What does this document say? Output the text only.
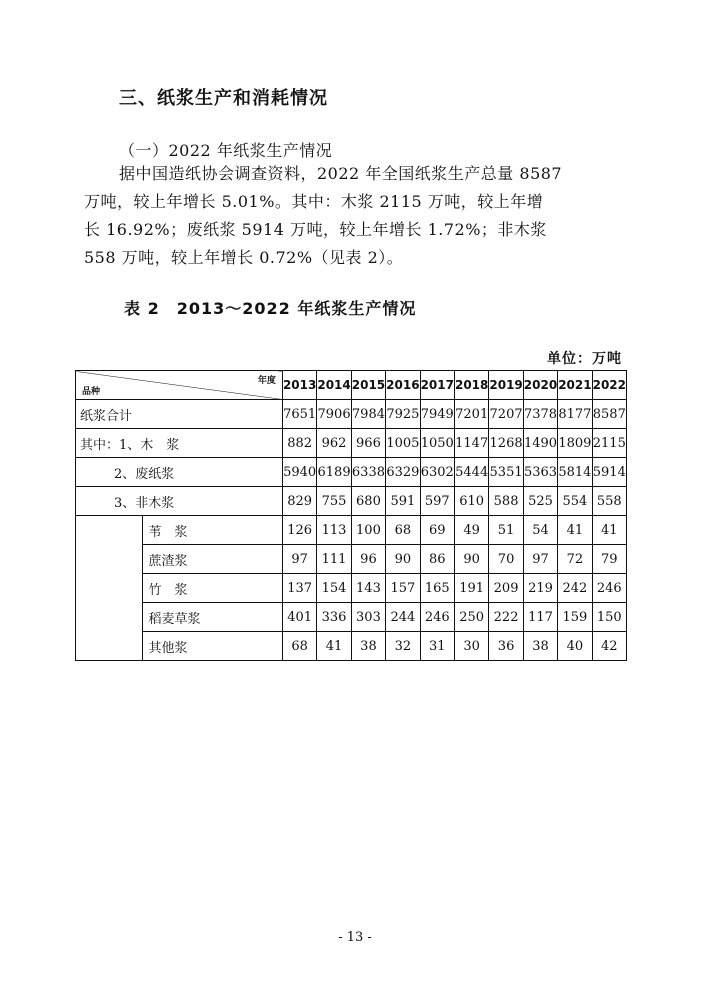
三、纸浆生产和消耗情况
（一）2022 年纸浆生产情况

据中国造纸协会调查资料，2022 年全国纸浆生产总量 8587
万吨，较上年增长 5.01%。其中：木浆 2115 万吨，较上年增
长 16.92%；废纸浆 5914 万吨，较上年增长 1.72%；非木浆
558 万吨，较上年增长 0.72%（见表 2）。

表 2　2013～2022 年纸浆生产情况
单位：万吨
年度
品种		2013	2014	2015	2016	2017	2018	2019	2020	2021	2022
纸浆合计		7651	7906	7984	7925	7949	7201	7207	7378	8177	8587
其中：1、木　浆		882	962	966	1005	1050	1147	1268	1490	1809	2115
2、废纸浆		5940	6189	6338	6329	6302	5444	5351	5363	5814	5914
3、非木浆		829	755	680	591	597	610	588	525	554	558
	苇　浆	126	113	100	68	69	49	51	54	41	41
	蔗渣浆	97	111	96	90	86	90	70	97	72	79
	竹　浆	137	154	143	157	165	191	209	219	242	246
	稻麦草浆	401	336	303	244	246	250	222	117	159	150
	其他浆	68	41	38	32	31	30	36	38	40	42
- 13 -
